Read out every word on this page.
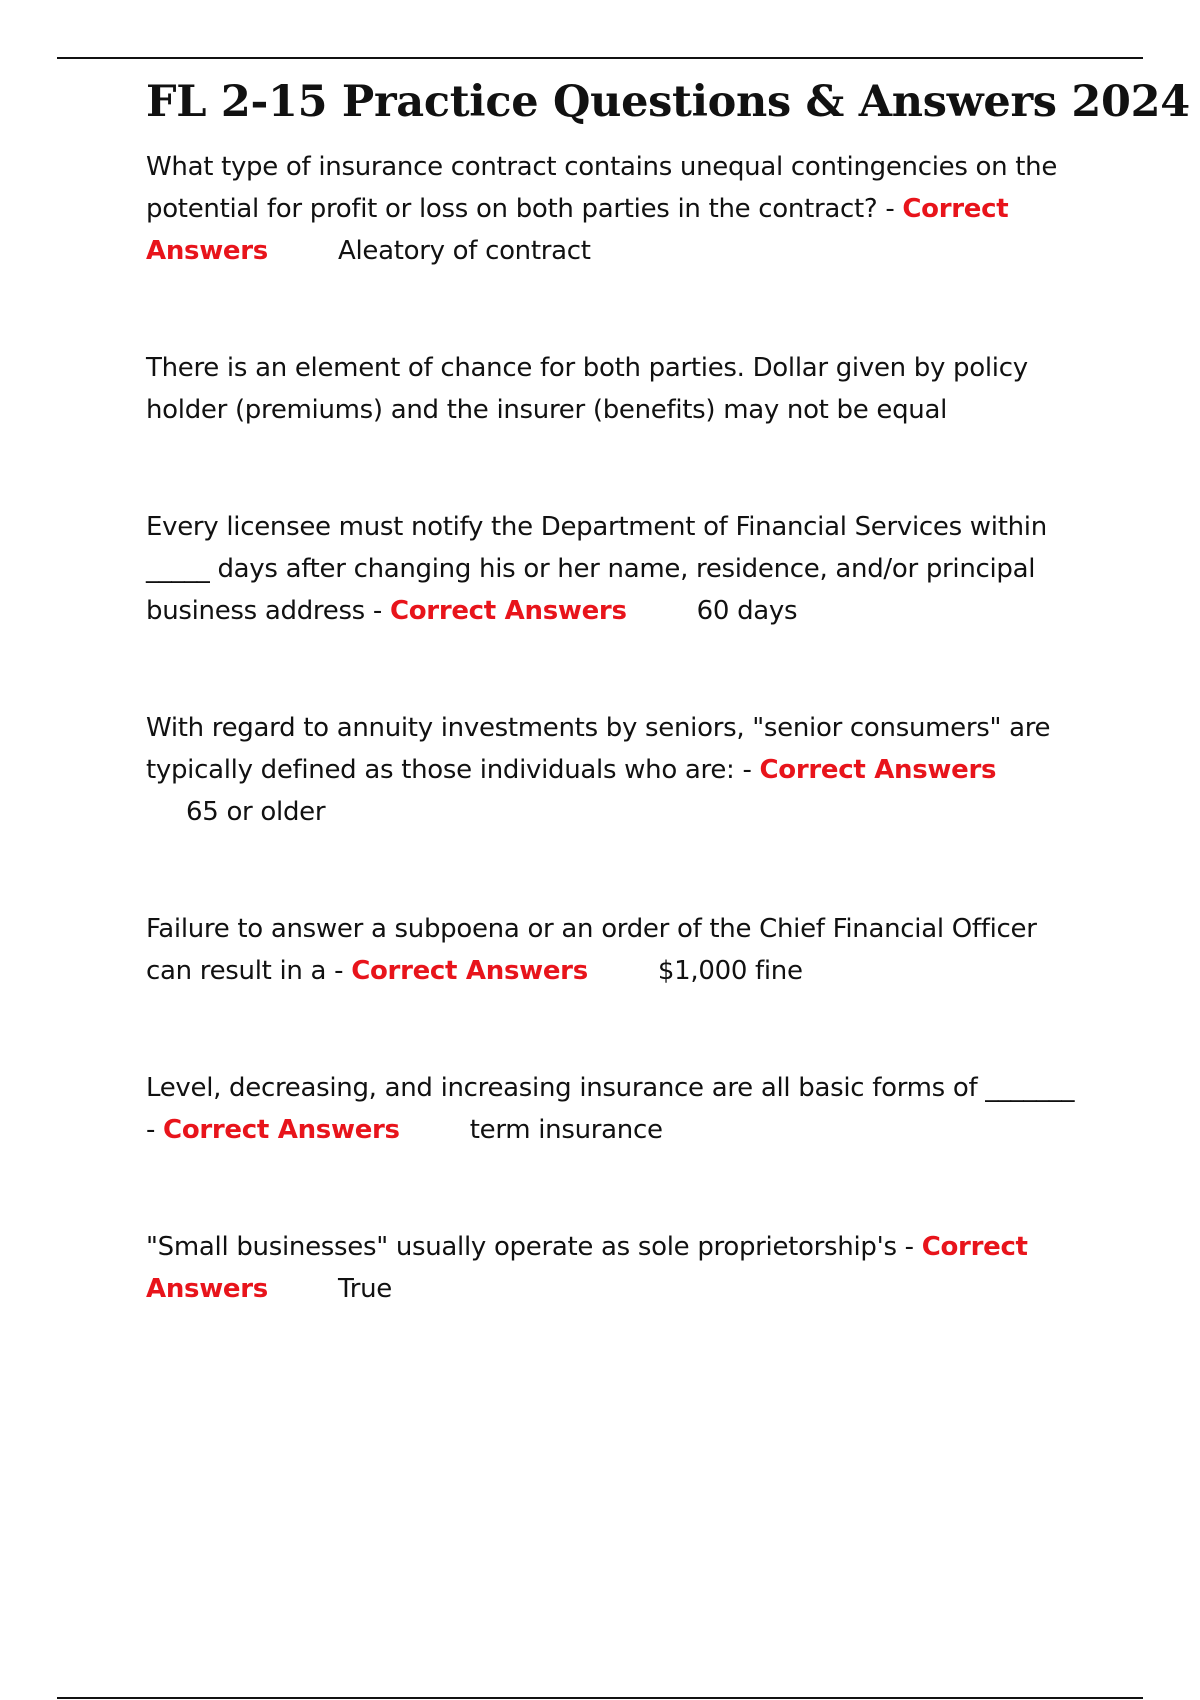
FL 2-15 Practice Questions & Answers 2024

What type of insurance contract contains unequal contingencies on the potential for profit or loss on both parties in the contract? - Correct Answers	Aleatory of contract

There is an element of chance for both parties. Dollar given by policy holder (premiums) and the insurer (benefits) may not be equal

Every licensee must notify the Department of Financial Services within _____ days after changing his or her name, residence, and/or principal business address - Correct Answers	60 days

With regard to annuity investments by seniors, "senior consumers" are typically defined as those individuals who are: - Correct Answers
65 or older

Failure to answer a subpoena or an order of the Chief Financial Officer can result in a - Correct Answers	$1,000 fine

Level, decreasing, and increasing insurance are all basic forms of _______ - Correct Answers	term insurance

"Small businesses" usually operate as sole proprietorship's - Correct Answers	True
